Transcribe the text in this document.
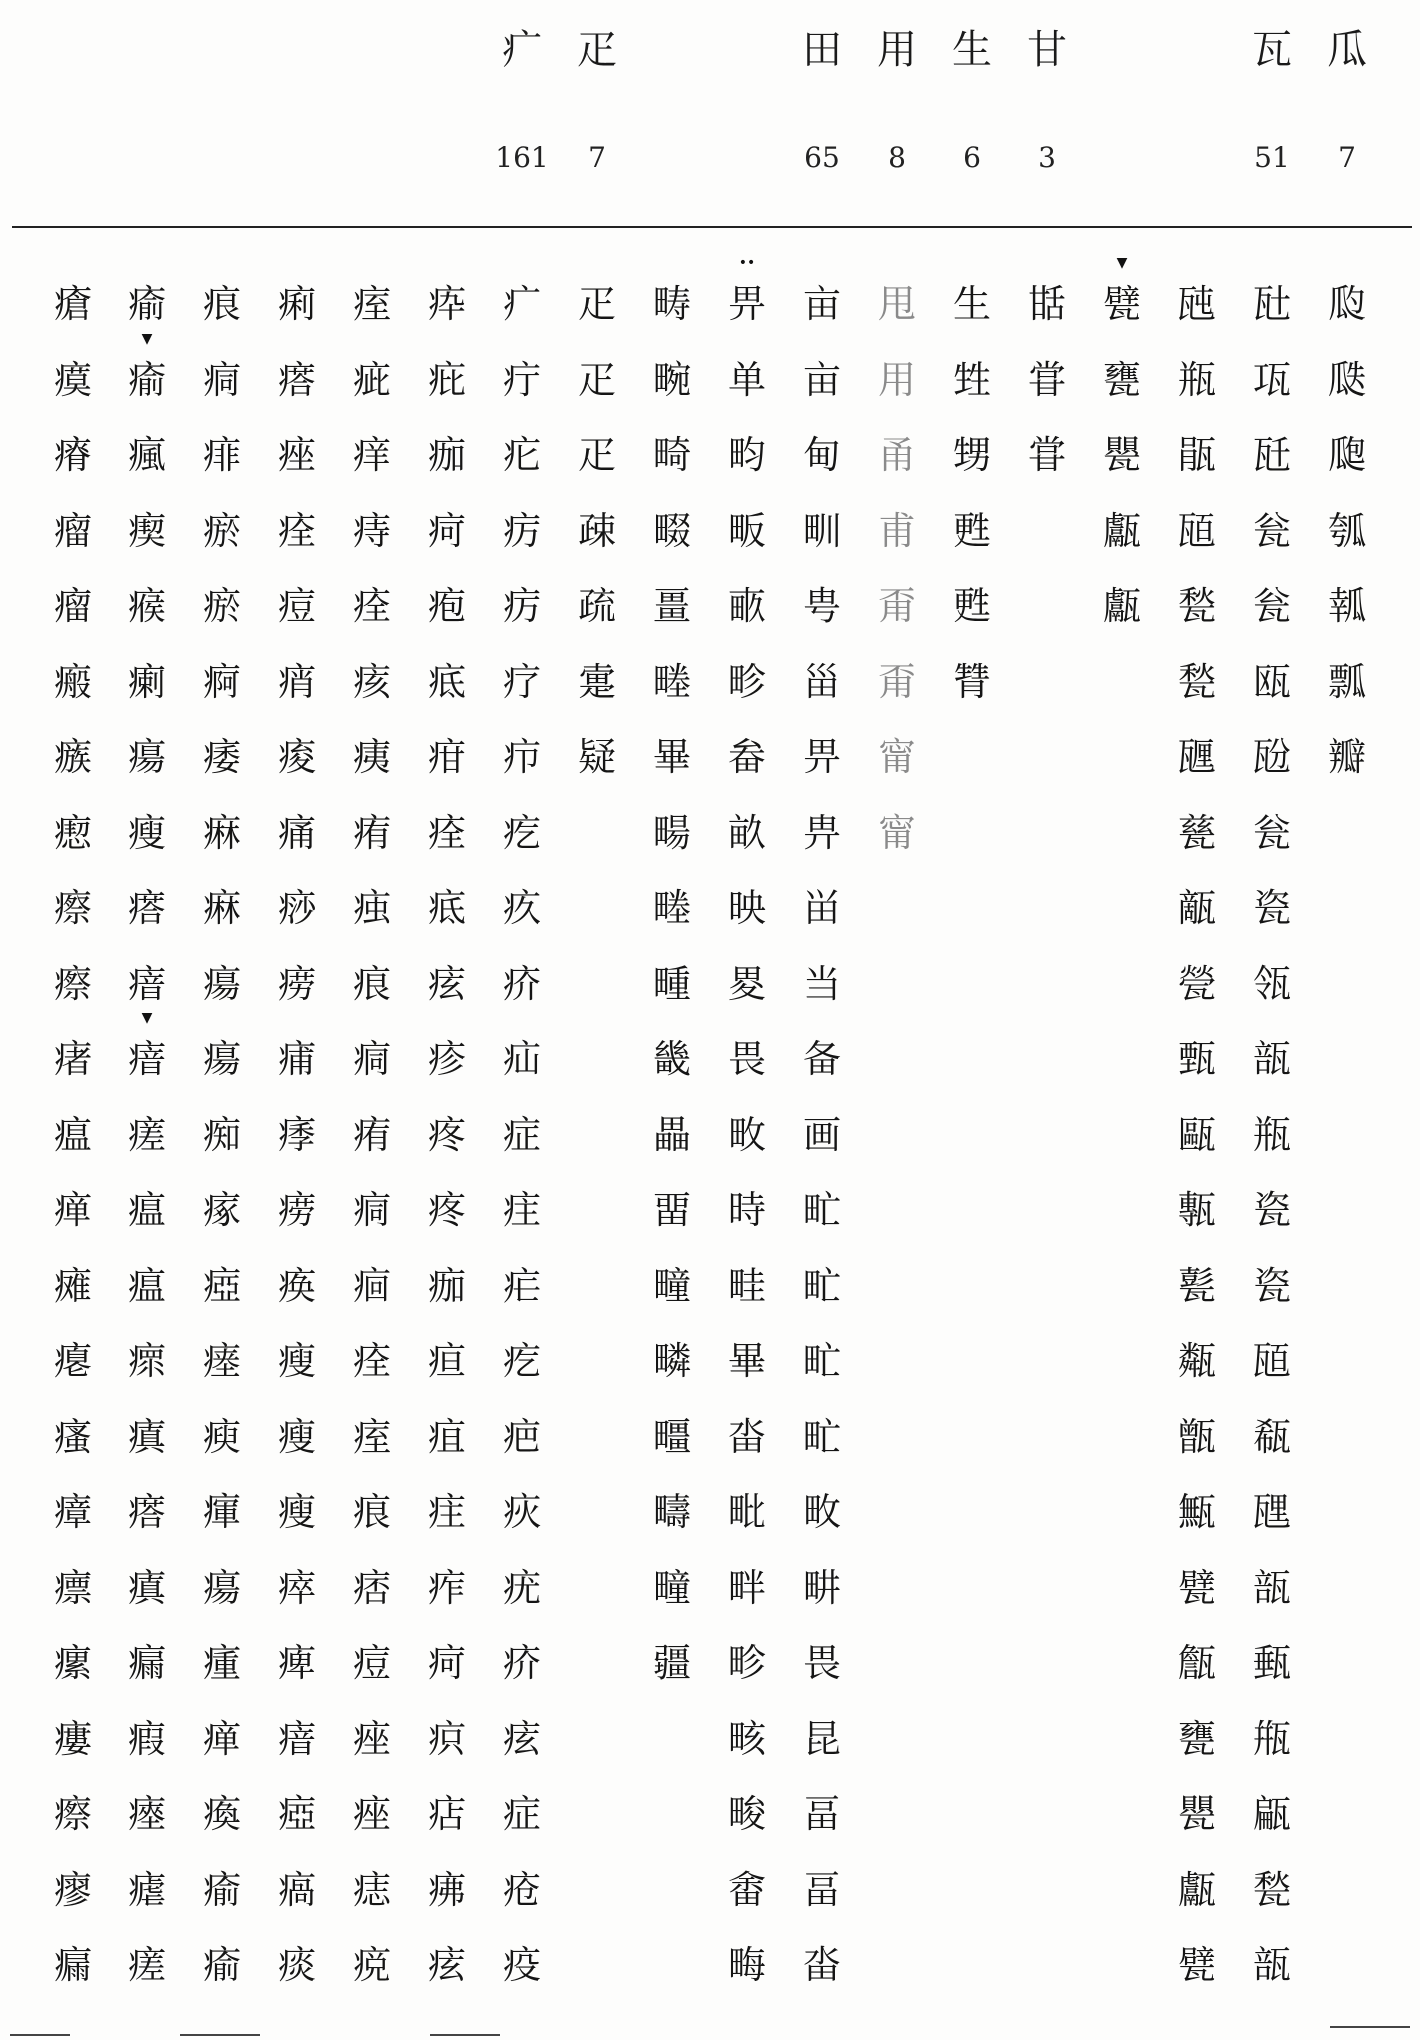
疒
161
疋
7
田
65
用
8
生
6
甘
3
瓦
51
瓜
7
瘡
瘼
瘠
瘤
瘤
瘢
瘯
瘛
瘵
瘵
瘏
瘟
瘅
瘫
瘪
瘙
瘴
瘭
瘰
瘻
瘵
瘳
瘺
瘉
瘉
▼
瘋
瘈
瘊
瘌
瘍
瘦
瘩
瘖
瘖
▼
瘥
瘟
瘟
瘝
瘨
瘩
瘨
瘺
瘕
瘞
瘧
瘥
痕
痌
痱
瘀
瘀
痾
痿
痳
痳
瘍
瘍
痴
瘃
瘂
瘗
瘐
瘒
瘍
瘇
瘅
瘓
瘉
瘉
痢
瘩
痤
痊
痘
痟
痠
痛
痧
痨
痡
痵
痨
痪
瘦
瘦
瘦
瘁
痺
瘖
瘂
瘑
痰
痓
疵
痒
痔
痊
痎
痍
痏
痋
痕
痌
痏
痌
痐
痊
痓
痕
痞
痘
痤
痤
痣
痥
疩
疪
痂
疴
疱
疷
疳
痊
疷
痃
疹
疼
疼
痂
疸
疽
疰
痄
疴
疻
痁
疿
痃
疒
疔
疕
疠
疠
疗
疖
疙
疚
疥
疝
症
疰
疟
疙
疤
疢
疣
疥
痃
症
疮
疫
疋
疋
疋
疎
疏
疐
疑
畴
畹
畸
畷
畺
畻
畢
畼
畻
畽
畿
畾
畱
疃
疄
疅
疇
疃
疆
畀
••
单
畇
畈
畞
畛
畚
畝
映
畟
畏
畋
時
畦
畢
畓
毗
畔
畛
畡
畯
畬
畮
亩
亩
甸
甽
甹
甾
畀
畁
畄
当
备
画
甿
甿
甿
甿
畋
畊
畏
昆
畐
畐
畓
甩
用
甬
甫
甭
甭
甯
甯
生
甡
甥
甦
甦
甧
甛
甞
甞
甓
▼
甕
甖
甗
甗
瓲
瓶
瓹
瓸
甃
甃
甅
甆
甋
甇
甄
甌
甎
甏
甐
甑
甒
甓
甔
甕
甖
甗
甓
瓧
瓨
瓩
瓮
瓮
瓯
瓰
瓮
瓷
瓴
瓿
瓶
瓷
瓷
瓸
瓻
瓼
瓿
甀
甁
甂
甃
瓿
瓝
瓞
瓟
瓠
瓡
瓢
瓣
